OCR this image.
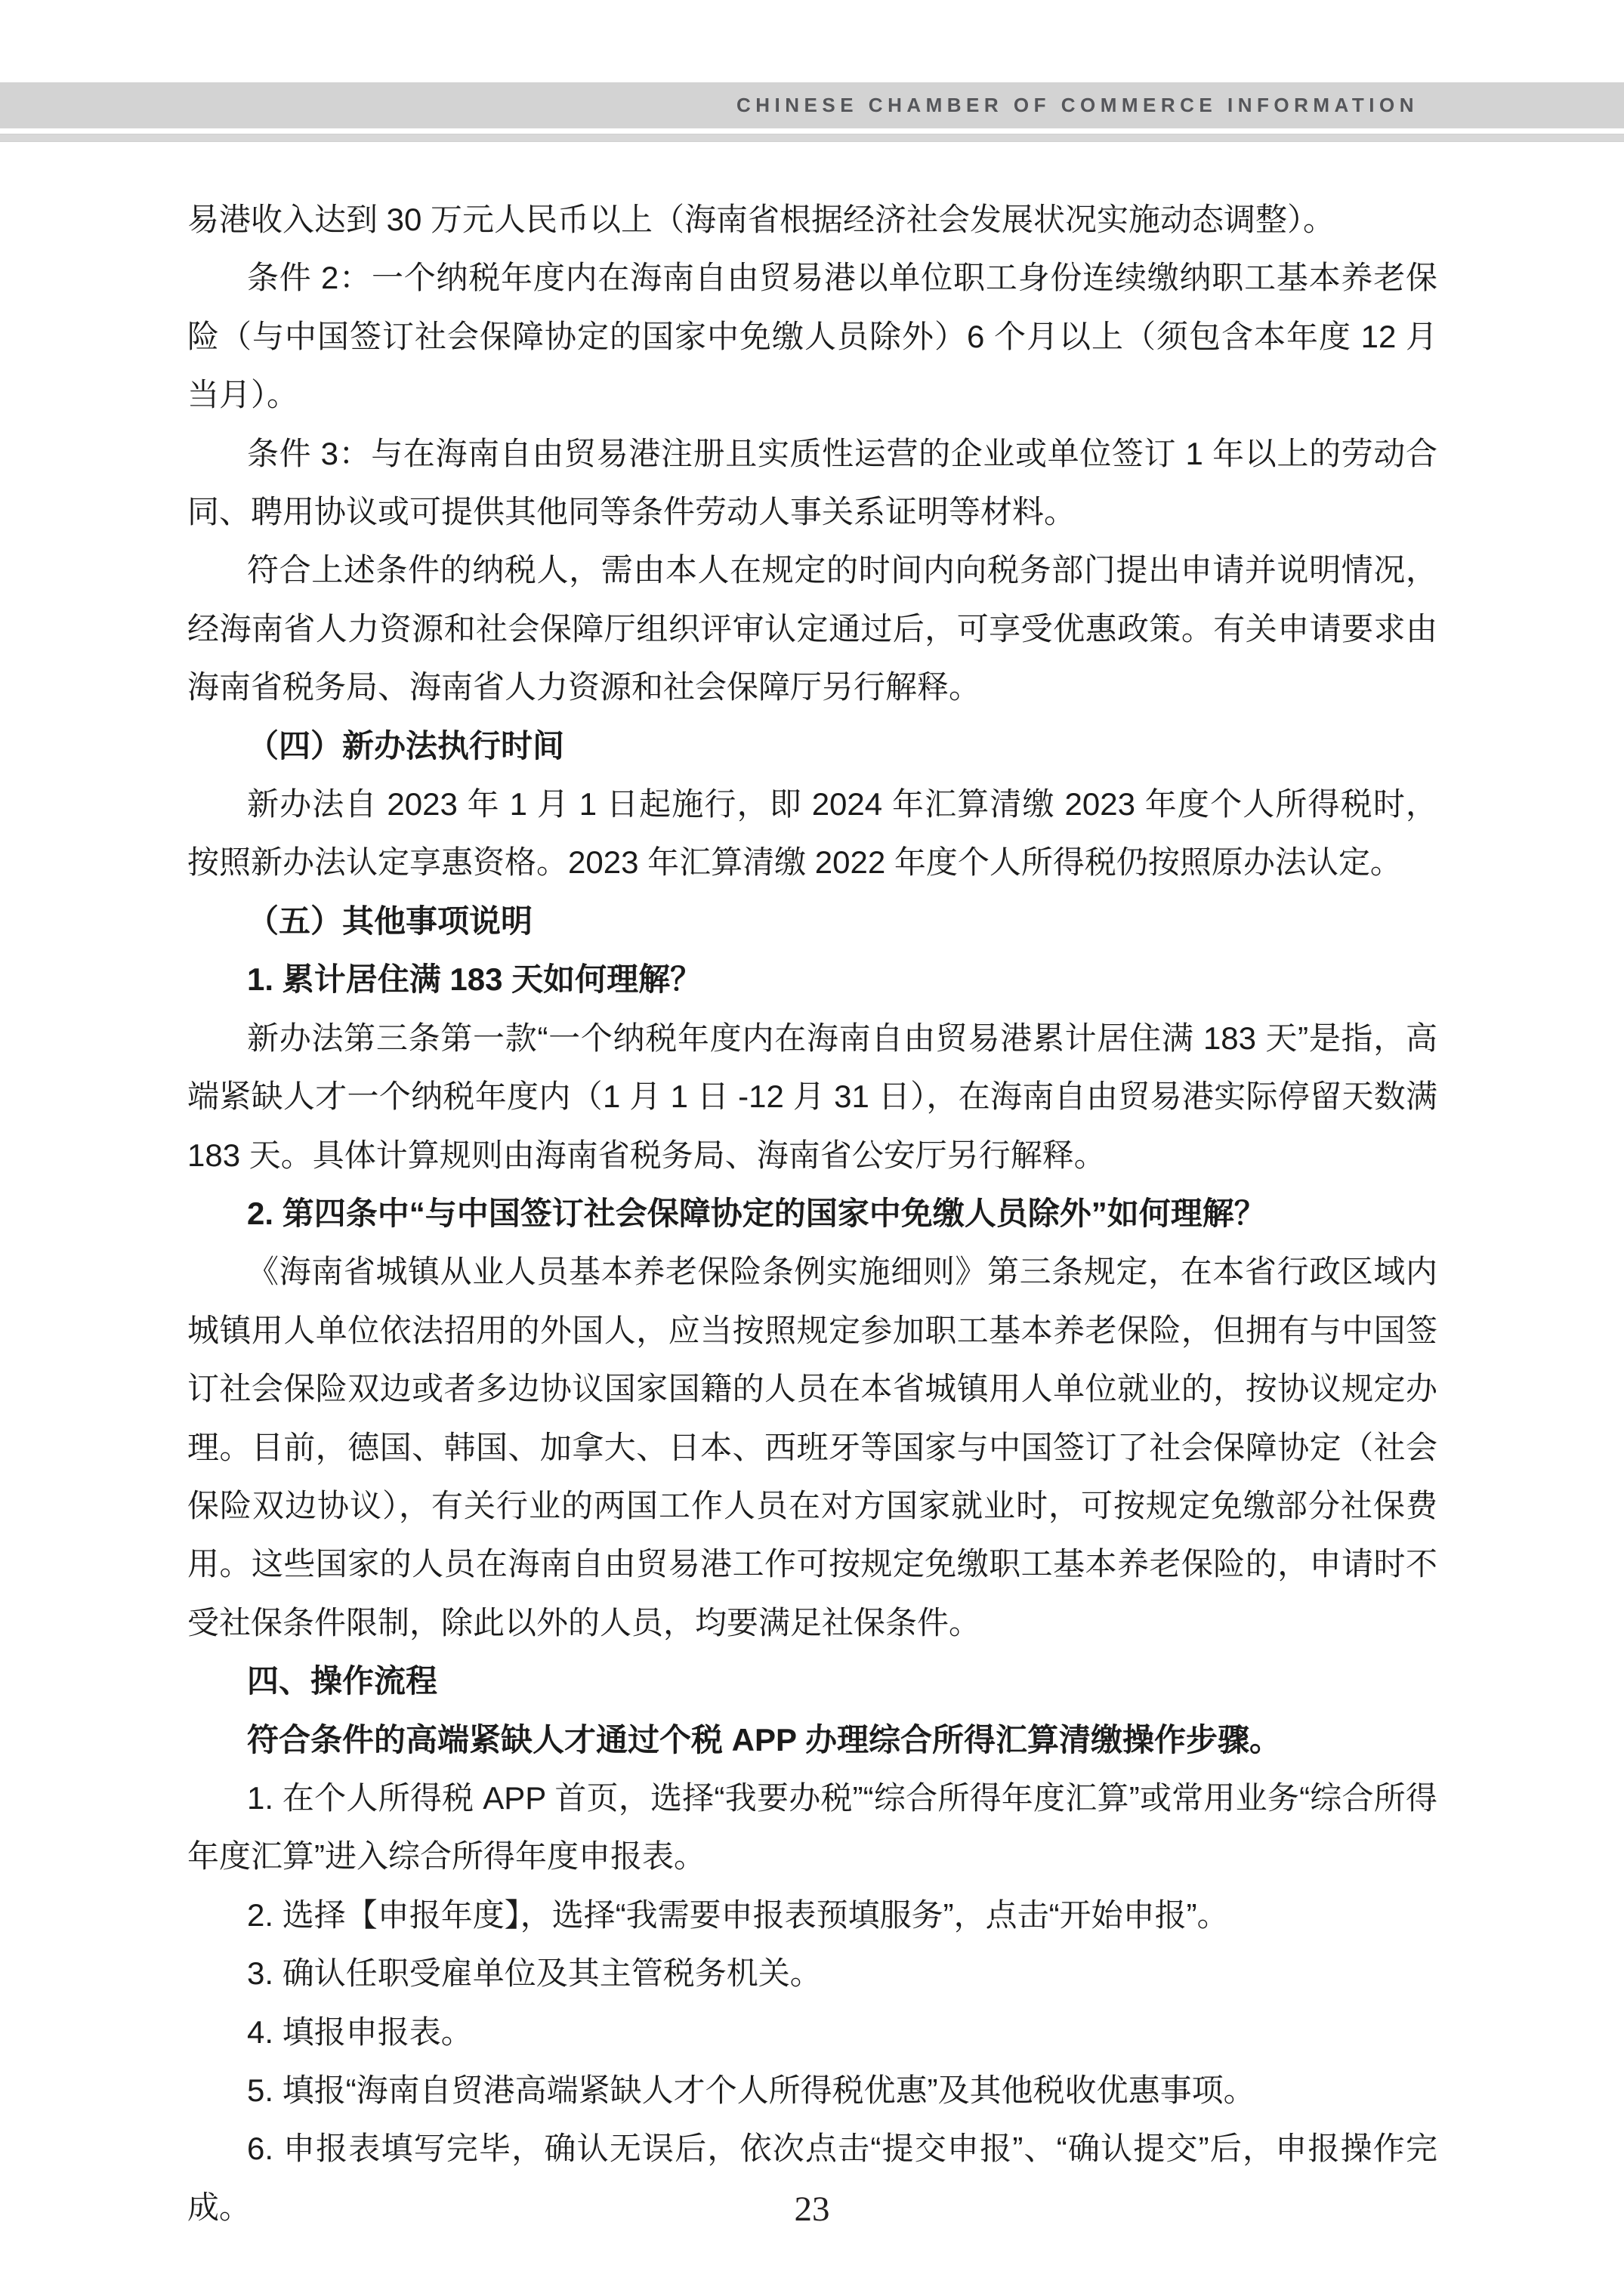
CHINESE CHAMBER OF COMMERCE INFORMATION

易港收入达到 30 万元人民币以上（海南省根据经济社会发展状况实施动态调整）。

条件 2：一个纳税年度内在海南自由贸易港以单位职工身份连续缴纳职工基本养老保险（与中国签订社会保障协定的国家中免缴人员除外）6 个月以上（须包含本年度 12 月当月）。

条件 3：与在海南自由贸易港注册且实质性运营的企业或单位签订 1 年以上的劳动合同、聘用协议或可提供其他同等条件劳动人事关系证明等材料。

符合上述条件的纳税人，需由本人在规定的时间内向税务部门提出申请并说明情况，经海南省人力资源和社会保障厅组织评审认定通过后，可享受优惠政策。有关申请要求由海南省税务局、海南省人力资源和社会保障厅另行解释。

（四）新办法执行时间

新办法自 2023 年 1 月 1 日起施行，即 2024 年汇算清缴 2023 年度个人所得税时，按照新办法认定享惠资格。2023 年汇算清缴 2022 年度个人所得税仍按照原办法认定。

（五）其他事项说明

1. 累计居住满 183 天如何理解？

新办法第三条第一款“一个纳税年度内在海南自由贸易港累计居住满 183 天”是指，高端紧缺人才一个纳税年度内（1 月 1 日 -12 月 31 日），在海南自由贸易港实际停留天数满 183 天。具体计算规则由海南省税务局、海南省公安厅另行解释。

2. 第四条中“与中国签订社会保障协定的国家中免缴人员除外”如何理解？

《海南省城镇从业人员基本养老保险条例实施细则》第三条规定，在本省行政区域内城镇用人单位依法招用的外国人，应当按照规定参加职工基本养老保险，但拥有与中国签订社会保险双边或者多边协议国家国籍的人员在本省城镇用人单位就业的，按协议规定办理。目前，德国、韩国、加拿大、日本、西班牙等国家与中国签订了社会保障协定（社会保险双边协议），有关行业的两国工作人员在对方国家就业时，可按规定免缴部分社保费用。这些国家的人员在海南自由贸易港工作可按规定免缴职工基本养老保险的，申请时不受社保条件限制，除此以外的人员，均要满足社保条件。

四、操作流程

符合条件的高端紧缺人才通过个税 APP 办理综合所得汇算清缴操作步骤。

1. 在个人所得税 APP 首页，选择“我要办税”“综合所得年度汇算”或常用业务“综合所得年度汇算”进入综合所得年度申报表。

2. 选择【申报年度】，选择“我需要申报表预填服务”，点击“开始申报”。

3. 确认任职受雇单位及其主管税务机关。

4. 填报申报表。

5. 填报“海南自贸港高端紧缺人才个人所得税优惠”及其他税收优惠事项。

6. 申报表填写完毕，确认无误后，依次点击“提交申报”、“确认提交”后，申报操作完成。	23
